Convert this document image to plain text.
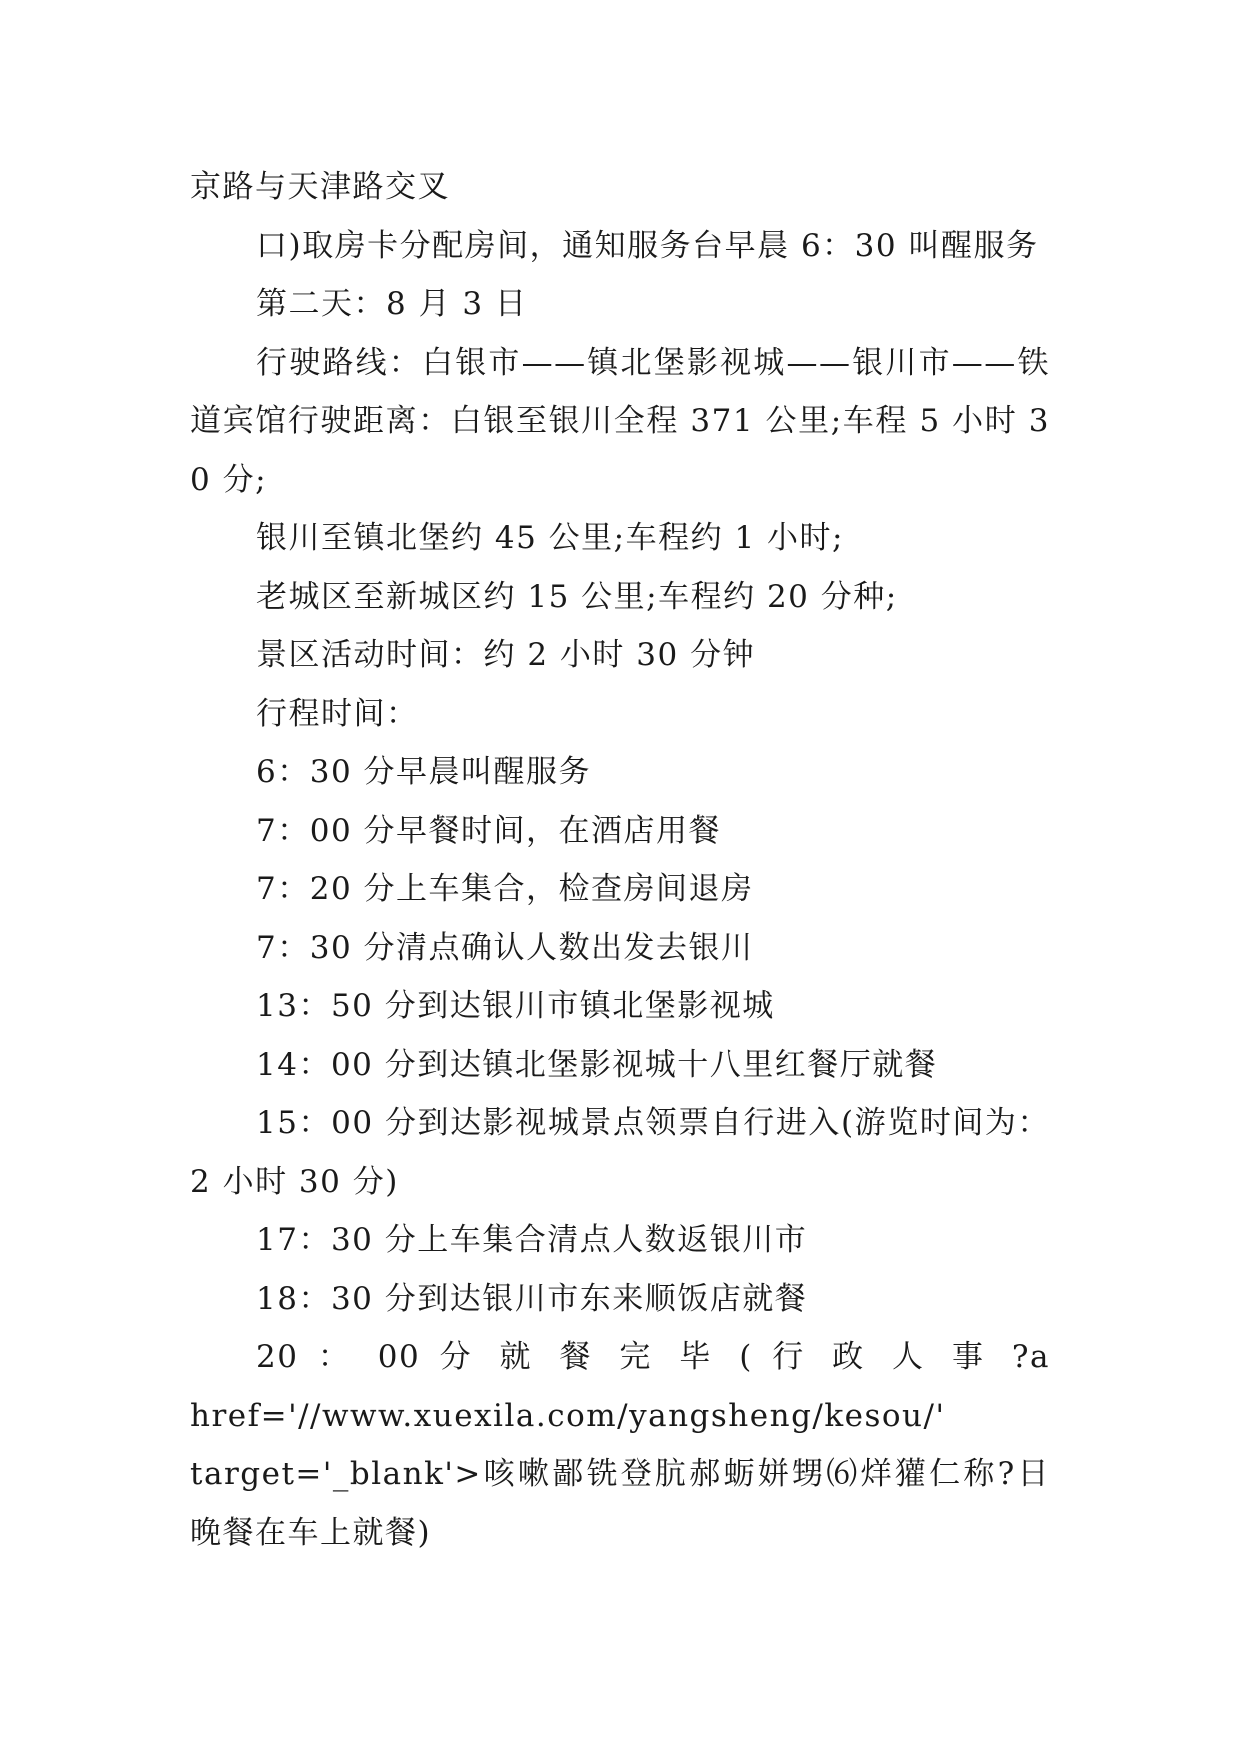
京路与天津路交叉

口)取房卡分配房间，通知服务台早晨 6：30 叫醒服务

第二天：8 月 3 日

行驶路线：白银市——镇北堡影视城——银川市——铁道宾馆行驶距离：白银至银川全程 371 公里;车程 5 小时 30 分;

银川至镇北堡约 45 公里;车程约 1 小时;

老城区至新城区约 15 公里;车程约 20 分种;

景区活动时间：约 2 小时 30 分钟

行程时间：

6：30 分早晨叫醒服务

7：00 分早餐时间，在酒店用餐

7：20 分上车集合，检查房间退房

7：30 分清点确认人数出发去银川

13：50 分到达银川市镇北堡影视城

14：00 分到达镇北堡影视城十八里红餐厅就餐

15：00 分到达影视城景点领票自行进入(游览时间为：2 小时 30 分)

17：30 分上车集合清点人数返银川市

18：30 分到达银川市东来顺饭店就餐

20 ： 00 分 就 餐 完 毕 ( 行 政 人 事 ?a

href='//www.xuexila.com/yangsheng/kesou/'

target='_blank'>咳嗽鄙铣登肮郝蛎姘甥⑹烊獾仁称?日晚餐在车上就餐)
